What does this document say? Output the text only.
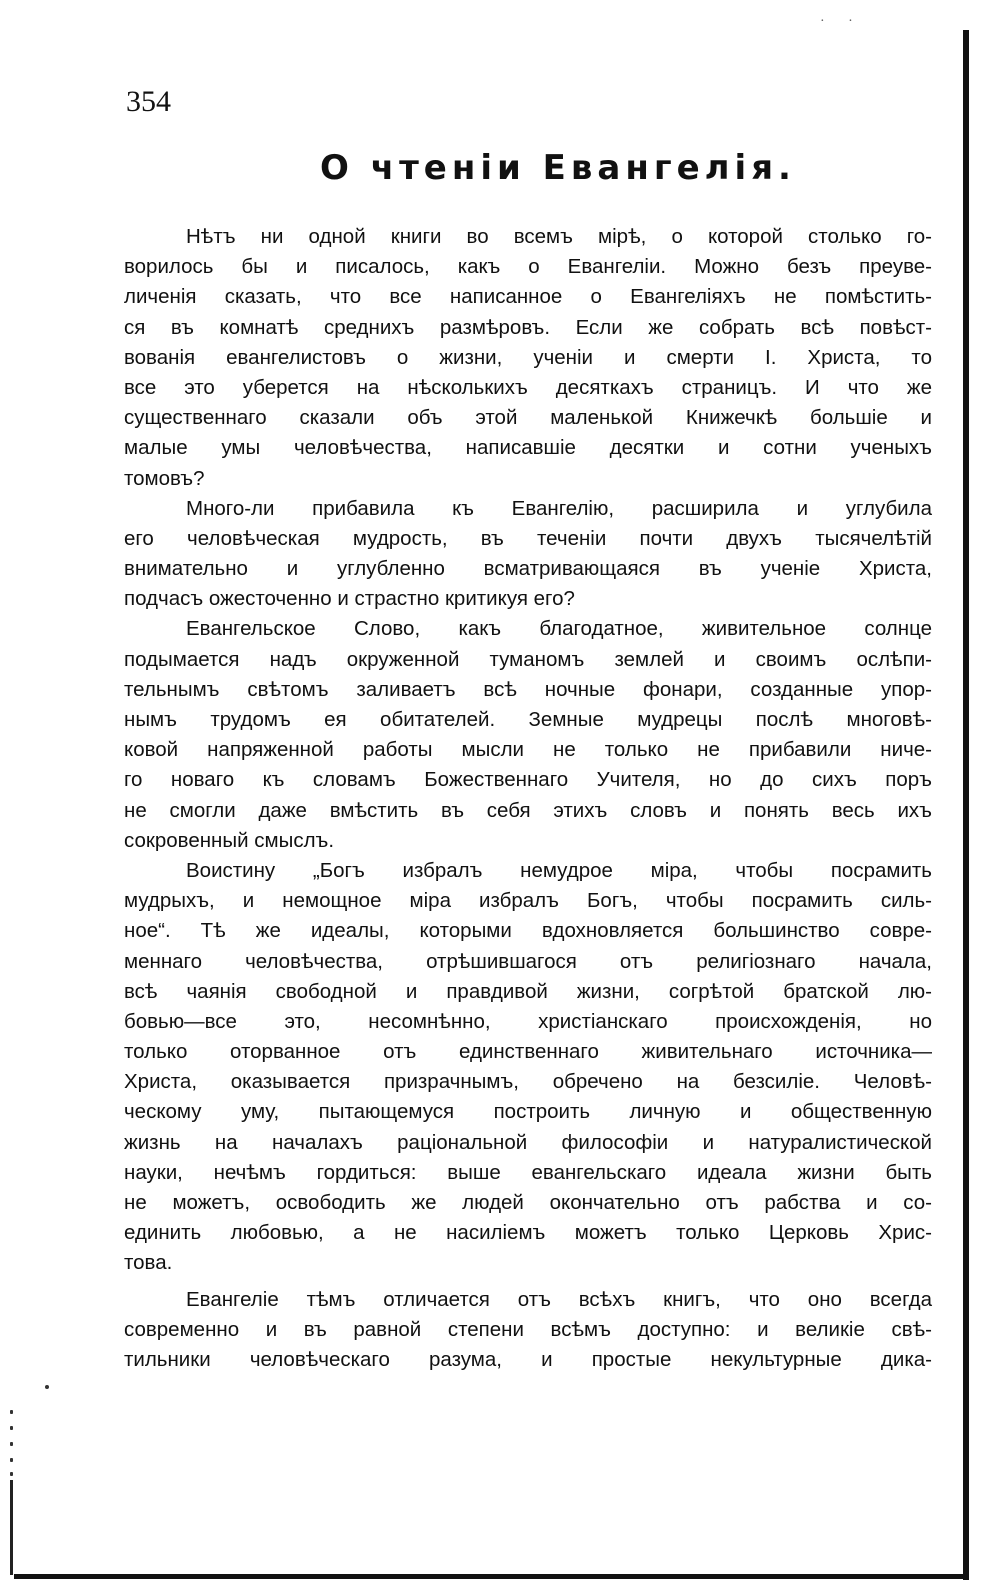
· ·
354
О чтенiи Евангелiя.
Нѣтъ ни одной книги во всемъ мiрѣ, о которой столько го-
ворилось бы и писалось, какъ о Евангелiи. Можно безъ преуве-
личенiя сказать, что все написанное о Евангелiяхъ не помѣстить-
ся въ комнатѣ среднихъ размѣровъ. Если же собрать всѣ повѣст-
вованiя евангелистовъ о жизни, ученiи и смерти I. Христа, то
все это уберется на нѣсколькихъ десяткахъ страницъ. И что же
существеннаго сказали объ этой маленькой Книжечкѣ большiе и
малые умы человѣчества, написавшiе десятки и сотни ученыхъ
томовъ?
Много-ли прибавила къ Евангелiю, расширила и углубила
его человѣческая мудрость, въ теченiи почти двухъ тысячелѣтiй
внимательно и углубленно всматривающаяся въ ученiе Христа,
подчасъ ожесточенно и страстно критикуя его?
Евангельское Слово, какъ благодатное, живительное солнце
подымается надъ окруженной туманомъ землей и своимъ ослѣпи-
тельнымъ свѣтомъ заливаетъ всѣ ночные фонари, созданные упор-
нымъ трудомъ ея обитателей. Земные мудрецы послѣ многовѣ-
ковой напряженной работы мысли не только не прибавили ниче-
го новаго къ словамъ Божественнаго Учителя, но до сихъ поръ
не смогли даже вмѣстить въ себя этихъ словъ и понять весь ихъ
сокровенный смыслъ.
Воистину „Богъ избралъ немудрое мiра, чтобы посрамить
мудрыхъ, и немощное мiра избралъ Богъ, чтобы посрамить силь-
ное“. Тѣ же идеалы, которыми вдохновляется большинство совре-
меннаго человѣчества, отрѣшившагося отъ религiознаго начала,
всѣ чаянiя свободной и правдивой жизни, согрѣтой братской лю-
бовью—все это, несомнѣнно, христiанскаго происхожденiя, но
только оторванное отъ единственнаго живительнаго источника—
Христа, оказывается призрачнымъ, обречено на безсилiе. Человѣ-
ческому уму, пытающемуся построить личную и общественную
жизнь на началахъ рацiональной философiи и натуралистической
науки, нечѣмъ гордиться: выше евангельскаго идеала жизни быть
не можетъ, освободить же людей окончательно отъ рабства и со-
единить любовью, а не насилiемъ можетъ только Церковь Хрис-
това.
Евангелiе тѣмъ отличается отъ всѣхъ книгъ, что оно всегда
современно и въ равной степени всѣмъ доступно: и великiе свѣ-
тильники человѣческаго разума, и простые некультурные дика-
